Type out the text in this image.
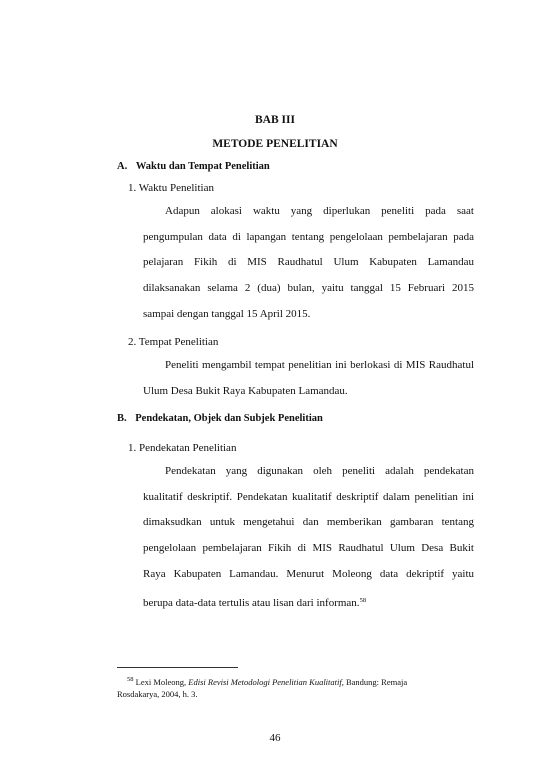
BAB III
METODE PENELITIAN
A. Waktu dan Tempat Penelitian
1. Waktu Penelitian
Adapun alokasi waktu yang diperlukan peneliti pada saat
pengumpulan data di lapangan tentang pengelolaan pembelajaran pada
pelajaran Fikih di MIS Raudhatul Ulum Kabupaten Lamandau
dilaksanakan selama 2 (dua) bulan, yaitu tanggal 15 Februari 2015
sampai dengan tanggal 15 April 2015.
2. Tempat Penelitian
Peneliti mengambil tempat penelitian ini berlokasi di MIS Raudhatul
Ulum Desa Bukit Raya Kabupaten Lamandau.
B. Pendekatan, Objek dan Subjek Penelitian
1. Pendekatan Penelitian
Pendekatan yang digunakan oleh peneliti adalah pendekatan
kualitatif deskriptif. Pendekatan kualitatif deskriptif dalam penelitian ini
dimaksudkan untuk mengetahui dan memberikan gambaran tentang
pengelolaan pembelajaran Fikih di MIS Raudhatul Ulum Desa Bukit
Raya Kabupaten Lamandau. Menurut Moleong data dekriptif yaitu
berupa data-data tertulis atau lisan dari informan.$^{58}$
$^{58}$ Lexi Moleong, Edisi Revisi Metodologi Penelitian Kualitatif, Bandung: Remaja
Rosdakarya, 2004, h. 3.
46
